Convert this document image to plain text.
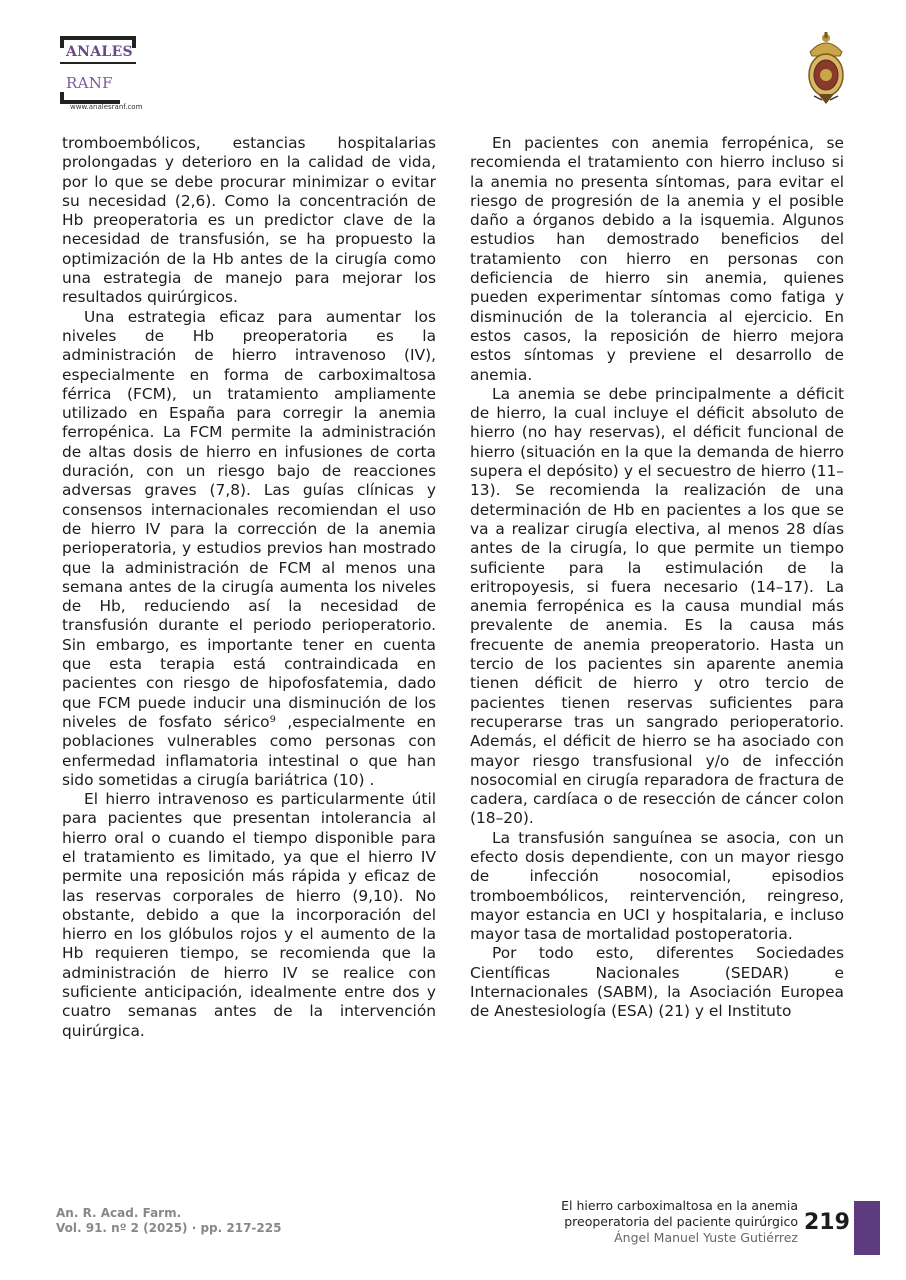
ANALES
RANF
www.analesranf.com

tromboembólicos, estancias hospitalarias prolongadas y deterioro en la calidad de vida, por lo que se debe procurar minimizar o evitar su necesidad (2,6). Como la concentración de Hb preoperatoria es un predictor clave de la necesidad de transfusión, se ha propuesto la optimización de la Hb antes de la cirugía como una estrategia de manejo para mejorar los resultados quirúrgicos.

Una estrategia eficaz para aumentar los niveles de Hb preoperatoria es la administración de hierro intravenoso (IV), especialmente en forma de carboximaltosa férrica (FCM), un tratamiento ampliamente utilizado en España para corregir la anemia ferropénica. La FCM permite la administración de altas dosis de hierro en infusiones de corta duración, con un riesgo bajo de reacciones adversas graves (7,8). Las guías clínicas y consensos internacionales recomiendan el uso de hierro IV para la corrección de la anemia perioperatoria, y estudios previos han mostrado que la administración de FCM al menos una semana antes de la cirugía aumenta los niveles de Hb, reduciendo así la necesidad de transfusión durante el periodo perioperatorio. Sin embargo, es importante tener en cuenta que esta terapia está contraindicada en pacientes con riesgo de hipofosfatemia, dado que FCM puede inducir una disminución de los niveles de fosfato sérico⁹ ,especialmente en poblaciones vulnerables como personas con enfermedad inflamatoria intestinal o que han sido sometidas a cirugía bariátrica (10) .

El hierro intravenoso es particularmente útil para pacientes que presentan intolerancia al hierro oral o cuando el tiempo disponible para el tratamiento es limitado, ya que el hierro IV permite una reposición más rápida y eficaz de las reservas corporales de hierro (9,10). No obstante, debido a que la incorporación del hierro en los glóbulos rojos y el aumento de la Hb requieren tiempo, se recomienda que la administración de hierro IV se realice con suficiente anticipación, idealmente entre dos y cuatro semanas antes de la intervención quirúrgica.

En pacientes con anemia ferropénica, se recomienda el tratamiento con hierro incluso si la anemia no presenta síntomas, para evitar el riesgo de progresión de la anemia y el posible daño a órganos debido a la isquemia. Algunos estudios han demostrado beneficios del tratamiento con hierro en personas con deficiencia de hierro sin anemia, quienes pueden experimentar síntomas como fatiga y disminución de la tolerancia al ejercicio. En estos casos, la reposición de hierro mejora estos síntomas y previene el desarrollo de anemia.

La anemia se debe principalmente a déficit de hierro, la cual incluye el déficit absoluto de hierro (no hay reservas), el déficit funcional de hierro (situación en la que la demanda de hierro supera el depósito) y el secuestro de hierro (11–13). Se recomienda la realización de una determinación de Hb en pacientes a los que se va a realizar cirugía electiva, al menos 28 días antes de la cirugía, lo que permite un tiempo suficiente para la estimulación de la eritropoyesis, si fuera necesario (14–17). La anemia ferropénica es la causa mundial más prevalente de anemia. Es la causa más frecuente de anemia preoperatorio. Hasta un tercio de los pacientes sin aparente anemia tienen déficit de hierro y otro tercio de pacientes tienen reservas suficientes para recuperarse tras un sangrado perioperatorio. Además, el déficit de hierro se ha asociado con mayor riesgo transfusional y/o de infección nosocomial en cirugía reparadora de fractura de cadera, cardíaca o de resección de cáncer colon (18–20).

La transfusión sanguínea se asocia, con un efecto dosis dependiente, con un mayor riesgo de infección nosocomial, episodios tromboembólicos, reintervención, reingreso, mayor estancia en UCI y hospitalaria, e incluso mayor tasa de mortalidad postoperatoria.

Por todo esto, diferentes Sociedades Científicas Nacionales (SEDAR) e Internacionales (SABM), la Asociación Europea de Anestesiología (ESA) (21) y el Instituto

An. R. Acad. Farm.
Vol. 91. nº 2 (2025) · pp. 217-225
El hierro carboximaltosa en la anemia
preoperatoria del paciente quirúrgico
Ángel Manuel Yuste Gutiérrez
219
